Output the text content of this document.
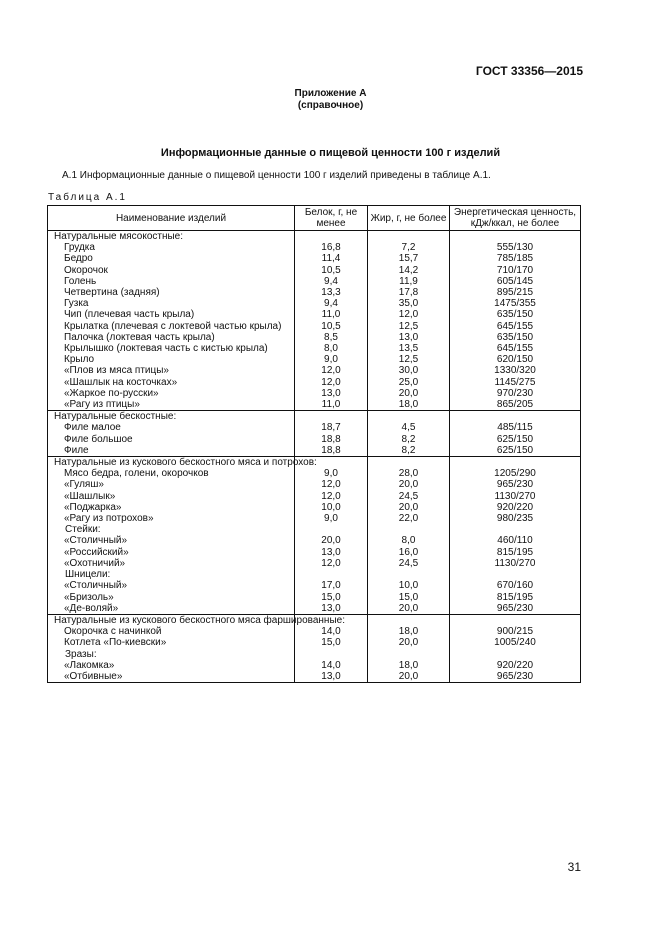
ГОСТ 33356—2015
Приложение А
(справочное)
Информационные данные о пищевой ценности 100 г изделий
А.1 Информационные данные о пищевой ценности 100 г изделий приведены в таблице А.1.
Таблица А.1
Наименование изделий	Белок, г, не менее	Жир, г, не более	Энергетическая ценность, кДж/ккал, не более
Натуральные мясокостные:			
Грудка	16,8	7,2	555/130
Бедро	11,4	15,7	785/185
Окорочок	10,5	14,2	710/170
Голень	9,4	11,9	605/145
Четвертина (задняя)	13,3	17,8	895/215
Гузка	9,4	35,0	1475/355
Чип (плечевая часть крыла)	11,0	12,0	635/150
Крылатка (плечевая с локтевой частью крыла)	10,5	12,5	645/155
Палочка (локтевая часть крыла)	8,5	13,0	635/150
Крылышко (локтевая часть с кистью крыла)	8,0	13,5	645/155
Крыло	9,0	12,5	620/150
«Плов из мяса птицы»	12,0	30,0	1330/320
«Шашлык на косточках»	12,0	25,0	1145/275
«Жаркое по-русски»	13,0	20,0	970/230
«Рагу из птицы»	11,0	18,0	865/205
Натуральные бескостные:			
Филе малое	18,7	4,5	485/115
Филе большое	18,8	8,2	625/150
Филе	18,8	8,2	625/150
Натуральные из кускового бескостного мяса и потрохов:			
Мясо бедра, голени, окорочков	9,0	28,0	1205/290
«Гуляш»	12,0	20,0	965/230
«Шашлык»	12,0	24,5	1130/270
«Поджарка»	10,0	20,0	920/220
«Рагу из потрохов»	9,0	22,0	980/235
Стейки:			
«Столичный»	20,0	8,0	460/110
«Российский»	13,0	16,0	815/195
«Охотничий»	12,0	24,5	1130/270
Шницели:			
«Столичный»	17,0	10,0	670/160
«Бризоль»	15,0	15,0	815/195
«Де-воляй»	13,0	20,0	965/230
Натуральные из кускового бескостного мяса фаршированные:			
Окорочка с начинкой	14,0	18,0	900/215
Котлета «По-киевски»	15,0	20,0	1005/240
Зразы:			
«Лакомка»	14,0	18,0	920/220
«Отбивные»	13,0	20,0	965/230
31
